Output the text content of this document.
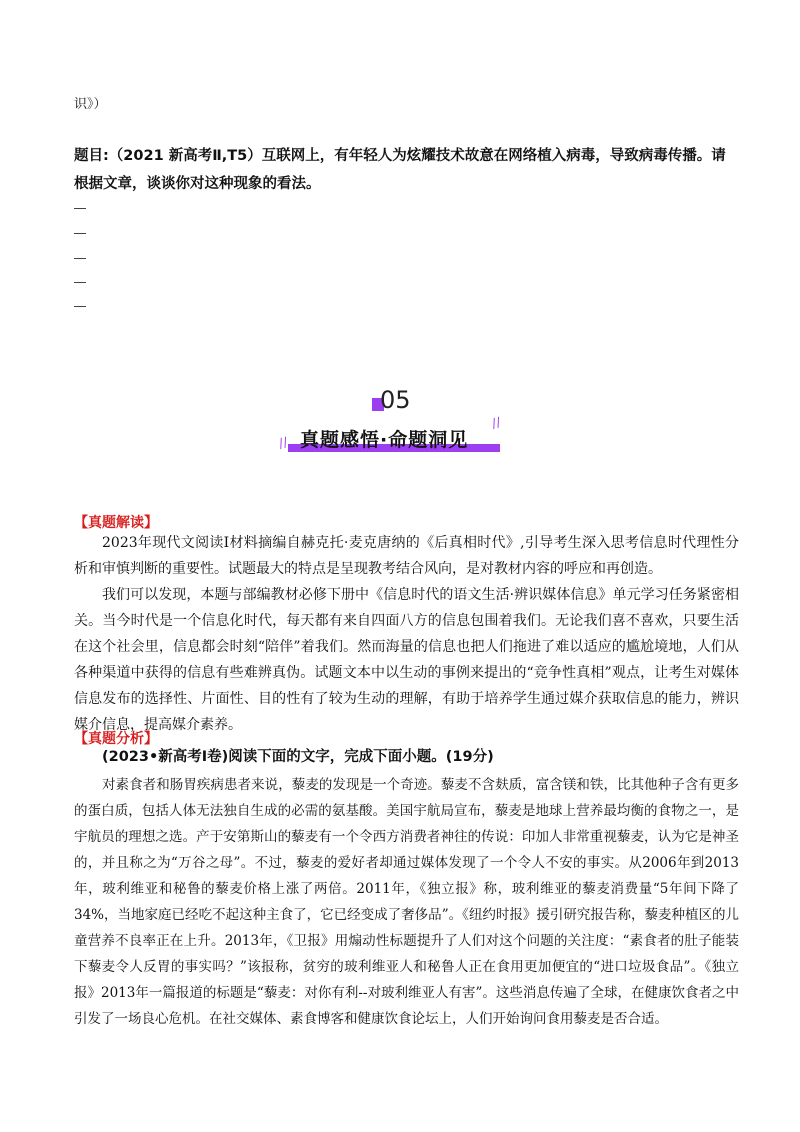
识》）
题目:（2021 新高考Ⅱ,T5）互联网上，有年轻人为炫耀技术故意在网络植入病毒，导致病毒传播。请根据文章，谈谈你对这种现象的看法。
05
真题感悟·命题洞见
//
//
【真题解读】
2023年现代文阅读Ⅰ材料摘编自赫克托·麦克唐纳的《后真相时代》,引导考生深入思考信息时代理性分析和审慎判断的重要性。试题最大的特点是呈现教考结合风向，是对教材内容的呼应和再创造。
我们可以发现，本题与部编教材必修下册中《信息时代的语文生活·辨识媒体信息》单元学习任务紧密相关。当今时代是一个信息化时代，每天都有来自四面八方的信息包围着我们。无论我们喜不喜欢，只要生活在这个社会里，信息都会时刻“陪伴”着我们。然而海量的信息也把人们拖进了难以适应的尴尬境地，人们从各种渠道中获得的信息有些难辨真伪。试题文本中以生动的事例来提出的“竞争性真相”观点，让考生对媒体信息发布的选择性、片面性、目的性有了较为生动的理解，有助于培养学生通过媒介获取信息的能力，辨识媒介信息，提高媒介素养。
【真题分析】
(2023•新高考Ⅰ卷)阅读下面的文字，完成下面小题。(19分)
对素食者和肠胃疾病患者来说，藜麦的发现是一个奇迹。藜麦不含麸质，富含镁和铁，比其他种子含有更多的蛋白质，包括人体无法独自生成的必需的氨基酸。美国宇航局宣布，藜麦是地球上营养最均衡的食物之一，是宇航员的理想之选。产于安第斯山的藜麦有一个令西方消费者神往的传说：印加人非常重视藜麦，认为它是神圣的，并且称之为“万谷之母”。不过，藜麦的爱好者却通过媒体发现了一个令人不安的事实。从2006年到2013年，玻利维亚和秘鲁的藜麦价格上涨了两倍。2011年，《独立报》称，玻利维亚的藜麦消费量“5年间下降了34%，当地家庭已经吃不起这种主食了，它已经变成了奢侈品”。《纽约时报》援引研究报告称，藜麦种植区的儿童营养不良率正在上升。2013年，《卫报》用煽动性标题提升了人们对这个问题的关注度：“素食者的肚子能装下藜麦令人反胃的事实吗？”该报称，贫穷的玻利维亚人和秘鲁人正在食用更加便宜的“进口垃圾食品”。《独立报》2013年一篇报道的标题是“藜麦：对你有利--对玻利维亚人有害”。这些消息传遍了全球，在健康饮食者之中引发了一场良心危机。在社交媒体、素食博客和健康饮食论坛上，人们开始询问食用藜麦是否合适。
